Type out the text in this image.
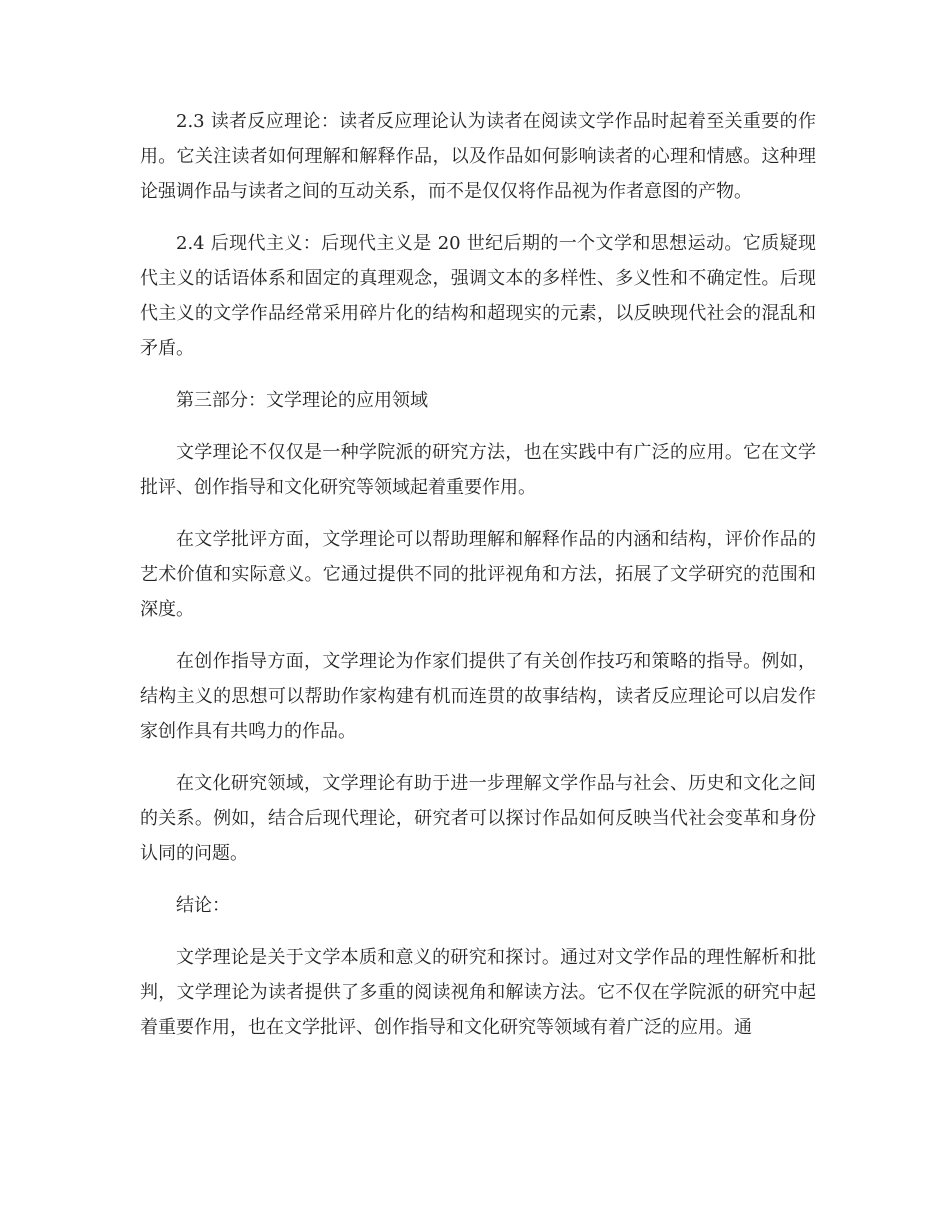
2.3 读者反应理论：读者反应理论认为读者在阅读文学作品时起着至关重要的作用。它关注读者如何理解和解释作品，以及作品如何影响读者的心理和情感。这种理论强调作品与读者之间的互动关系，而不是仅仅将作品视为作者意图的产物。

2.4 后现代主义：后现代主义是 20 世纪后期的一个文学和思想运动。它质疑现代主义的话语体系和固定的真理观念，强调文本的多样性、多义性和不确定性。后现代主义的文学作品经常采用碎片化的结构和超现实的元素，以反映现代社会的混乱和矛盾。

第三部分：文学理论的应用领域

文学理论不仅仅是一种学院派的研究方法，也在实践中有广泛的应用。它在文学批评、创作指导和文化研究等领域起着重要作用。

在文学批评方面，文学理论可以帮助理解和解释作品的内涵和结构，评价作品的艺术价值和实际意义。它通过提供不同的批评视角和方法，拓展了文学研究的范围和深度。

在创作指导方面，文学理论为作家们提供了有关创作技巧和策略的指导。例如，结构主义的思想可以帮助作家构建有机而连贯的故事结构，读者反应理论可以启发作家创作具有共鸣力的作品。

在文化研究领域，文学理论有助于进一步理解文学作品与社会、历史和文化之间的关系。例如，结合后现代理论，研究者可以探讨作品如何反映当代社会变革和身份认同的问题。

结论：

文学理论是关于文学本质和意义的研究和探讨。通过对文学作品的理性解析和批判，文学理论为读者提供了多重的阅读视角和解读方法。它不仅在学院派的研究中起着重要作用，也在文学批评、创作指导和文化研究等领域有着广泛的应用。通
